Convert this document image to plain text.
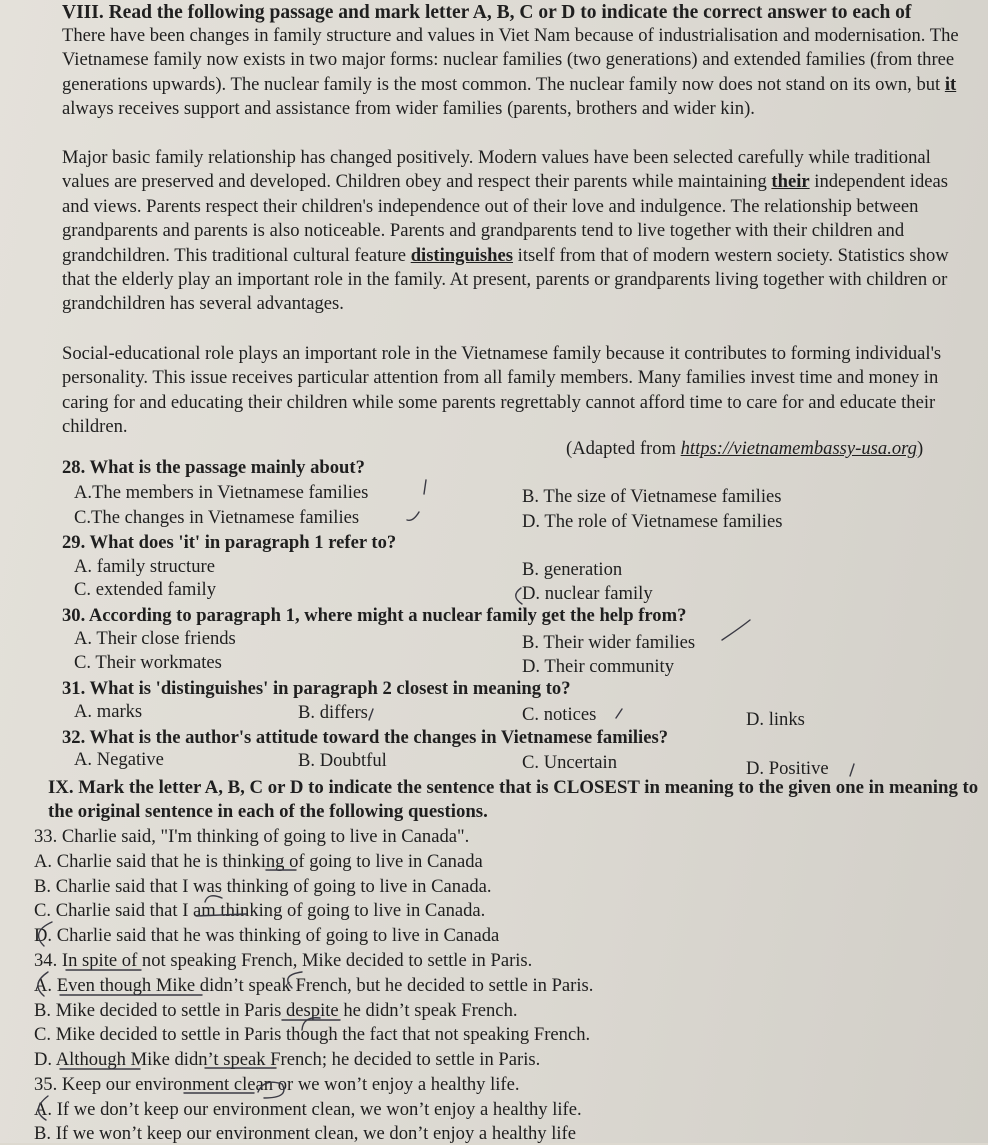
VIII. Read the following passage and mark letter A, B, C or D to indicate the correct answer to each of

There have been changes in family structure and values in Viet Nam because of industrialisation and modernisation. The Vietnamese family now exists in two major forms: nuclear families (two generations) and extended families (from three generations upwards). The nuclear family is the most common. The nuclear family now does not stand on its own, but it always receives support and assistance from wider families (parents, brothers and wider kin).

Major basic family relationship has changed positively. Modern values have been selected carefully while traditional values are preserved and developed. Children obey and respect their parents while maintaining their independent ideas and views. Parents respect their children's independence out of their love and indulgence. The relationship between grandparents and parents is also noticeable. Parents and grandparents tend to live together with their children and grandchildren. This traditional cultural feature distinguishes itself from that of modern western society. Statistics show that the elderly play an important role in the family. At present, parents or grandparents living together with children or grandchildren has several advantages.

Social-educational role plays an important role in the Vietnamese family because it contributes to forming individual's personality. This issue receives particular attention from all family members. Many families invest time and money in caring for and educating their children while some parents regrettably cannot afford time to care for and educate their children.

(Adapted from https://vietnamembassy-usa.org)
28. What is the passage mainly about?
A.The members in Vietnamese families	B. The size of Vietnamese families
C.The changes in Vietnamese families	D. The role of Vietnamese families
29. What does 'it' in paragraph 1 refer to?
A. family structure	B. generation
C. extended family	D. nuclear family
30. According to paragraph 1, where might a nuclear family get the help from?
A. Their close friends	B. Their wider families
C. Their workmates	D. Their community
31. What is 'distinguishes' in paragraph 2 closest in meaning to?
A. marks	B. differs	C. notices	D. links
32. What is the author's attitude toward the changes in Vietnamese families?
A. Negative	B. Doubtful	C. Uncertain	D. Positive
IX. Mark the letter A, B, C or D to indicate the sentence that is CLOSEST in meaning to the given one in meaning to the original sentence in each of the following questions.
33. Charlie said, "I'm thinking of going to live in Canada".
A. Charlie said that he is thinking of going to live in Canada
B. Charlie said that I was thinking of going to live in Canada.
C. Charlie said that I am thinking of going to live in Canada.
D. Charlie said that he was thinking of going to live in Canada
34. In spite of not speaking French, Mike decided to settle in Paris.
A. Even though Mike didn’t speak French, but he decided to settle in Paris.
B. Mike decided to settle in Paris despite he didn’t speak French.
C. Mike decided to settle in Paris though the fact that not speaking French.
D. Although Mike didn’t speak French; he decided to settle in Paris.
35. Keep our environment clean or we won’t enjoy a healthy life.
A. If we don’t keep our environment clean, we won’t enjoy a healthy life.
B. If we won’t keep our environment clean, we don’t enjoy a healthy life
